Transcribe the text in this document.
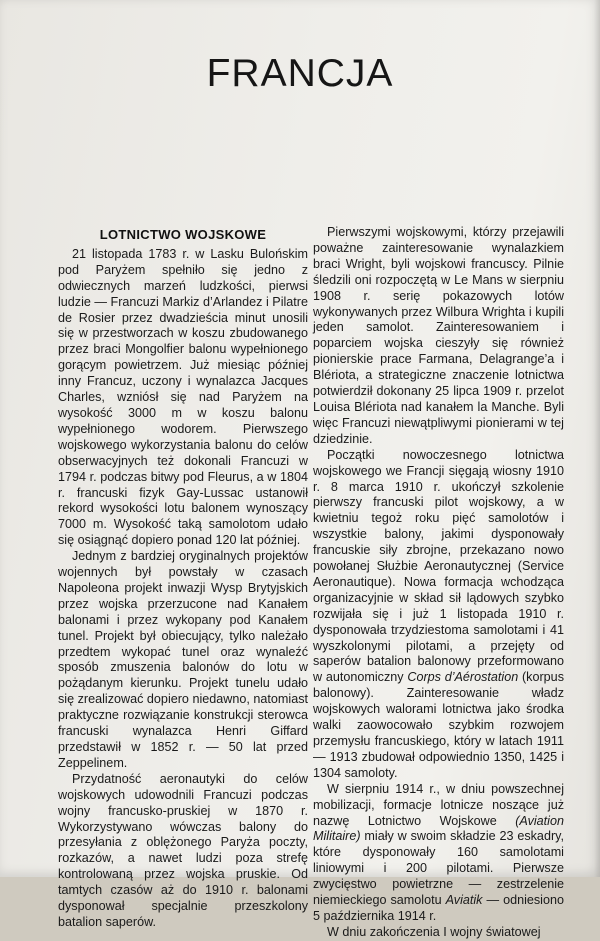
FRANCJA
LOTNICTWO WOJSKOWE

21 listopada 1783 r. w Lasku Bulońskim pod Paryżem spełniło się jedno z odwiecznych marzeń ludzkości, pierwsi ludzie — Francuzi Markiz d’Arlandez i Pilatre de Rosier przez dwadzieścia minut unosili się w przestworzach w koszu zbudowanego przez braci Mongolfier balonu wypełnionego gorącym powietrzem. Już miesiąc później inny Francuz, uczony i wynalazca Jacques Charles, wzniósł się nad Paryżem na wysokość 3000 m w koszu balonu wypełnionego wodorem. Pierwszego wojskowego wykorzystania balonu do celów obserwacyjnych też dokonali Francuzi w 1794 r. podczas bitwy pod Fleurus, a w 1804 r. francuski fizyk Gay-Lussac ustanowił rekord wysokości lotu balonem wynoszący 7000 m. Wysokość taką samolotom udało się osiągnąć dopiero ponad 120 lat później.

Jednym z bardziej oryginalnych projektów wojennych był powstały w czasach Napoleona projekt inwazji Wysp Brytyjskich przez wojska przerzucone nad Kanałem balonami i przez wykopany pod Kanałem tunel. Projekt był obiecujący, tylko należało przedtem wykopać tunel oraz wynaleźć sposób zmuszenia balonów do lotu w pożądanym kierunku. Projekt tunelu udało się zrealizować dopiero niedawno, natomiast praktyczne rozwiązanie konstrukcji sterowca francuski wynalazca Henri Giffard przedstawił w 1852 r. — 50 lat przed Zeppelinem.

Przydatność aeronautyki do celów wojskowych udowodnili Francuzi podczas wojny francusko-pruskiej w 1870 r. Wykorzystywano wówczas balony do przesyłania z oblężonego Paryża poczty, rozkazów, a nawet ludzi poza strefę kontrolowaną przez wojska pruskie. Od tamtych czasów aż do 1910 r. balonami dysponował specjalnie przeszkolony batalion saperów.

Pierwszymi wojskowymi, którzy przejawili poważne zainteresowanie wynalazkiem braci Wright, byli wojskowi francuscy. Pilnie śledzili oni rozpoczętą w Le Mans w sierpniu 1908 r. serię pokazowych lotów wykonywanych przez Wilbura Wrighta i kupili jeden samolot. Zainteresowaniem i poparciem wojska cieszyły się również pionierskie prace Farmana, Delagrange’a i Blériota, a strategiczne znaczenie lotnictwa potwierdził dokonany 25 lipca 1909 r. przelot Louisa Blériota nad kanałem la Manche. Byli więc Francuzi niewątpliwymi pionierami w tej dziedzinie.

Początki nowoczesnego lotnictwa wojskowego we Francji sięgają wiosny 1910 r. 8 marca 1910 r. ukończył szkolenie pierwszy francuski pilot wojskowy, a w kwietniu tegoż roku pięć samolotów i wszystkie balony, jakimi dysponowały francuskie siły zbrojne, przekazano nowo powołanej Służbie Aeronautycznej (Service Aeronautique). Nowa formacja wchodząca organizacyjnie w skład sił lądowych szybko rozwijała się i już 1 listopada 1910 r. dysponowała trzydziestoma samolotami i 41 wyszkolonymi pilotami, a przejęty od saperów batalion balonowy przeformowano w autonomiczny Corps d’Aérostation (korpus balonowy). Zainteresowanie władz wojskowych walorami lotnictwa jako środka walki zaowocowało szybkim rozwojem przemysłu francuskiego, który w latach 1911 — 1913 zbudował odpowiednio 1350, 1425 i 1304 samoloty.

W sierpniu 1914 r., w dniu powszechnej mobilizacji, formacje lotnicze noszące już nazwę Lotnictwo Wojskowe (Aviation Militaire) miały w swoim składzie 23 eskadry, które dysponowały 160 samolotami liniowymi i 200 pilotami. Pierwsze zwycięstwo powietrzne — zestrzelenie niemieckiego samolotu Aviatik — odniesiono 5 października 1914 r.

W dniu zakończenia I wojny światowej
